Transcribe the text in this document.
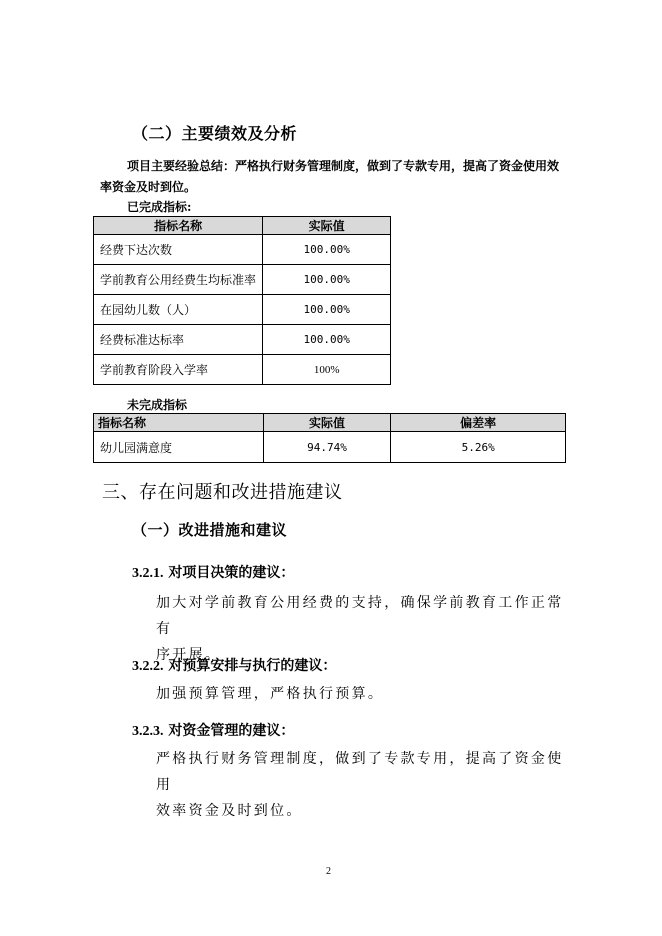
（二）主要绩效及分析
项目主要经验总结：严格执行财务管理制度，做到了专款专用，提高了资金使用效
率资金及时到位。
已完成指标:
指标名称	实际值
经费下达次数	100.00%
学前教育公用经费生均标准率	100.00%
在园幼儿数（人）	100.00%
经费标准达标率	100.00%
学前教育阶段入学率	100%
未完成指标
指标名称	实际值	偏差率
幼儿园满意度	94.74%	5.26%
三、存在问题和改进措施建议
（一）改进措施和建议
3.2.1. 对项目决策的建议：
加大对学前教育公用经费的支持，确保学前教育工作正常有
序开展。
3.2.2. 对预算安排与执行的建议：
加强预算管理，严格执行预算。
3.2.3. 对资金管理的建议：
严格执行财务管理制度，做到了专款专用，提高了资金使用
效率资金及时到位。
2
